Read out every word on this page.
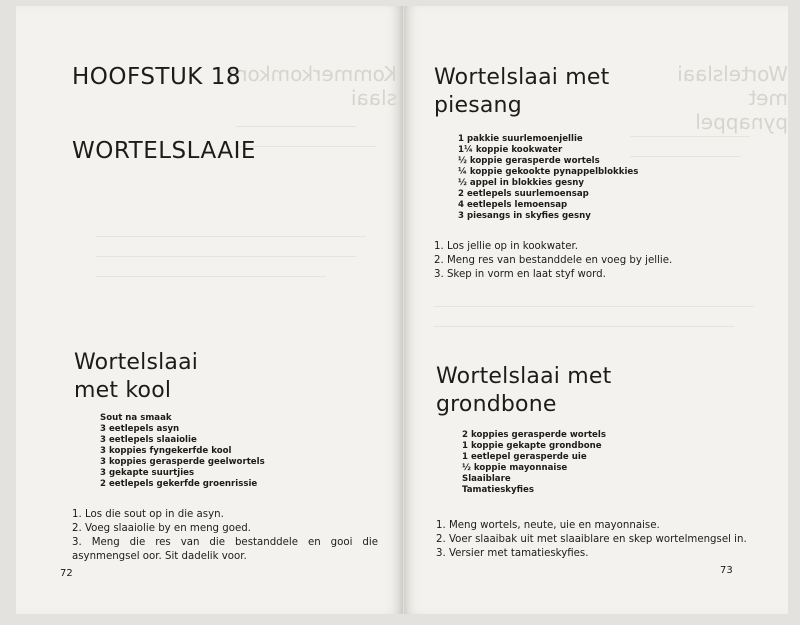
Kommerkomkom
slaai
HOOFSTUK 18
WORTELSLAAIE
Wortelslaai
met kool
Sout na smaak
3 eetlepels asyn
3 eetlepels slaaiolie
3 koppies fyngekerfde kool
3 koppies gerasperde geelwortels
3 gekapte suurtjies
2 eetlepels gekerfde groenrissie
1. Los die sout op in die asyn.
2. Voeg slaaiolie by en meng goed.
3. Meng die res van die bestanddele en gooi die asynmengsel oor. Sit dadelik voor.
72
Wortelslaai met
pynappel
Wortelslaai met
piesang
1 pakkie suurlemoenjellie
1¼ koppie kookwater
½ koppie gerasperde wortels
¼ koppie gekookte pynappelblokkies
½ appel in blokkies gesny
2 eetlepels suurlemoensap
4 eetlepels lemoensap
3 piesangs in skyfies gesny
1. Los jellie op in kookwater.
2. Meng res van bestanddele en voeg by jellie.
3. Skep in vorm en laat styf word.
Wortelslaai met
grondbone
2 koppies gerasperde wortels
1 koppie gekapte grondbone
1 eetlepel gerasperde uie
½ koppie mayonnaise
Slaaiblare
Tamatieskyfies
1. Meng wortels, neute, uie en mayonnaise.
2. Voer slaaibak uit met slaaiblare en skep wortelmengsel in.
3. Versier met tamatieskyfies.
73
